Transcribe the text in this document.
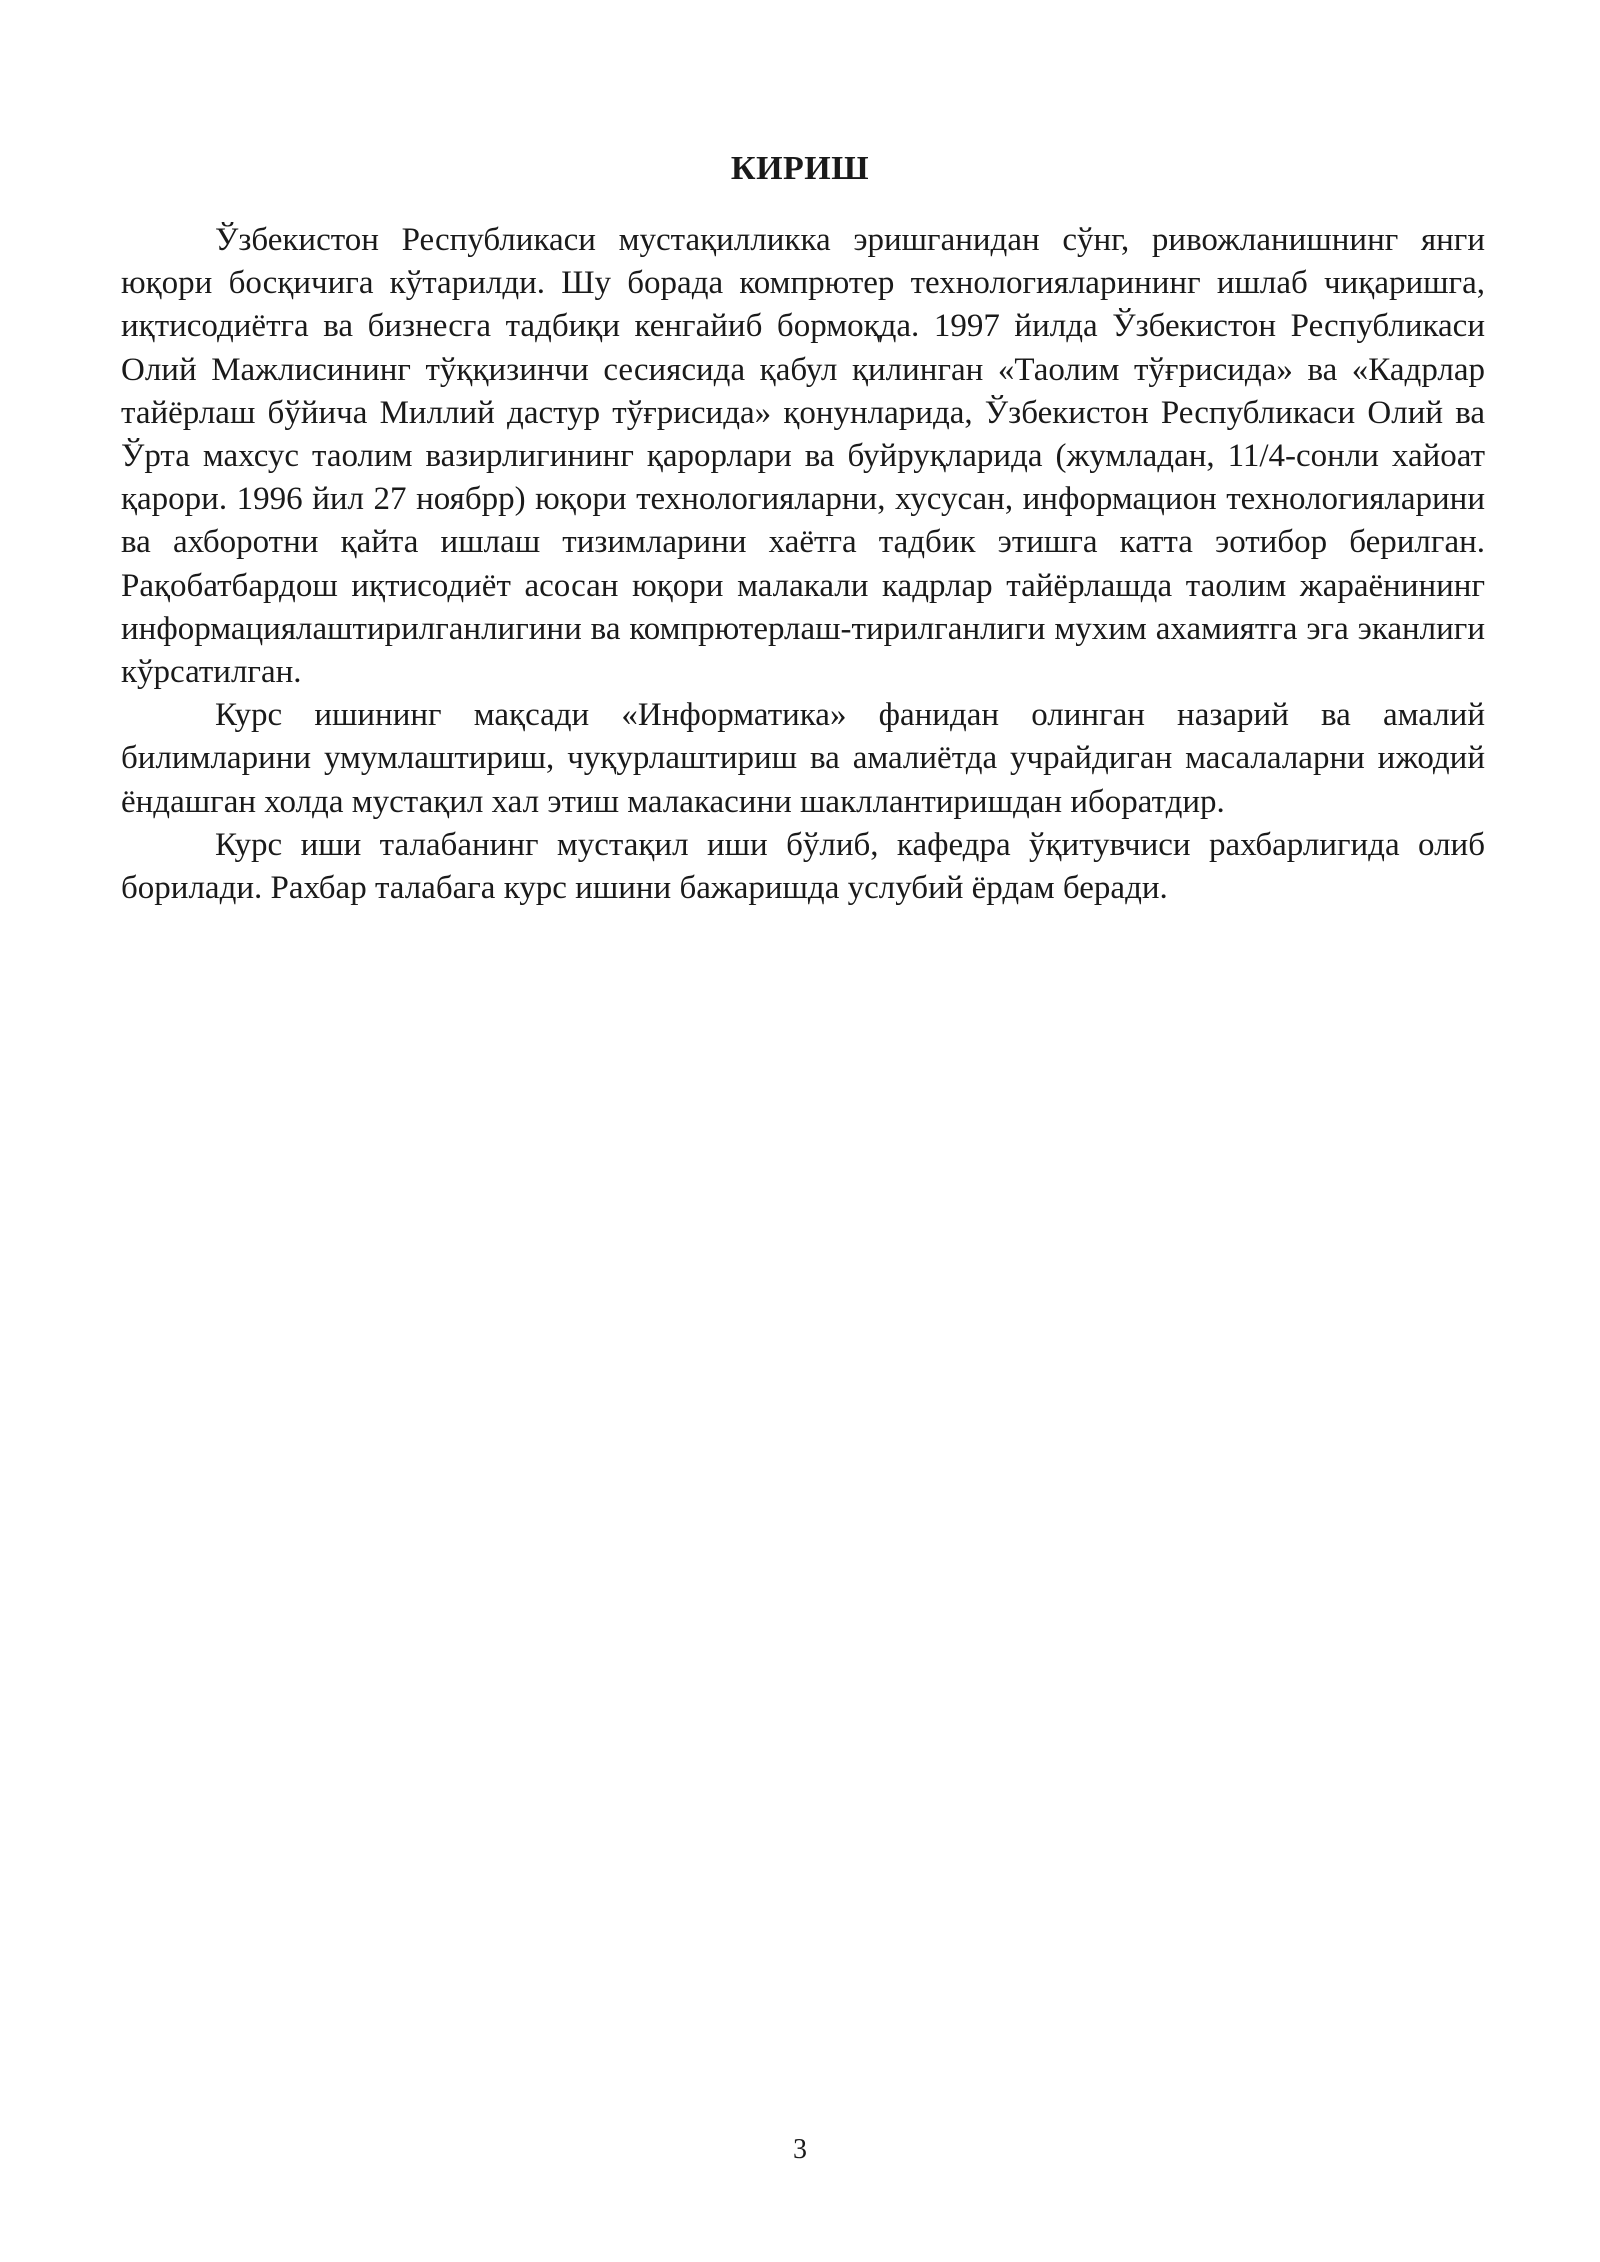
КИРИШ

Ўзбекистон Республикаси мустақилликка эришганидан сўнг, ривожланишнинг янги юқори босқичига кўтарилди. Шу борада компрютер технологияларининг ишлаб чиқаришга, иқтисодиётга ва бизнесга тадбиқи кенгайиб бормоқда. 1997 йилда Ўзбекистон Республикаси Олий Мажлисининг тўққизинчи сесиясида қабул қилинган «Таолим тўғрисида» ва «Кадрлар тайёрлаш бўйича Миллий дастур тўғрисида» қонунларида, Ўзбекистон Республикаси Олий ва Ўрта махсус таолим вазирлигининг қарорлари ва буйруқларида (жумладан, 11/4-сонли хайоат қарори. 1996 йил 27 ноябрр) юқори технологияларни, хусусан, информацион технологияларини ва ахборотни қайта ишлаш тизимларини хаётга тадбик этишга катта эотибор берилган. Рақобатбардош иқтисодиёт асосан юқори малакали кадрлар тайёрлашда таолим жараёнининг информациялаштирилганлигини ва компрютерлаш-тирилганлиги мухим ахамиятга эга эканлиги кўрсатилган.

Курс ишининг мақсади «Информатика» фанидан олинган назарий ва амалий билимларини умумлаштириш, чуқурлаштириш ва амалиётда учрайдиган масалаларни ижодий ёндашган холда мустақил хал этиш малакасини шакллантиришдан иборатдир.

Курс иши талабанинг мустақил иши бўлиб, кафедра ўқитувчиси рахбарлигида олиб борилади. Рахбар талабага курс ишини бажаришда услубий ёрдам беради.

3
